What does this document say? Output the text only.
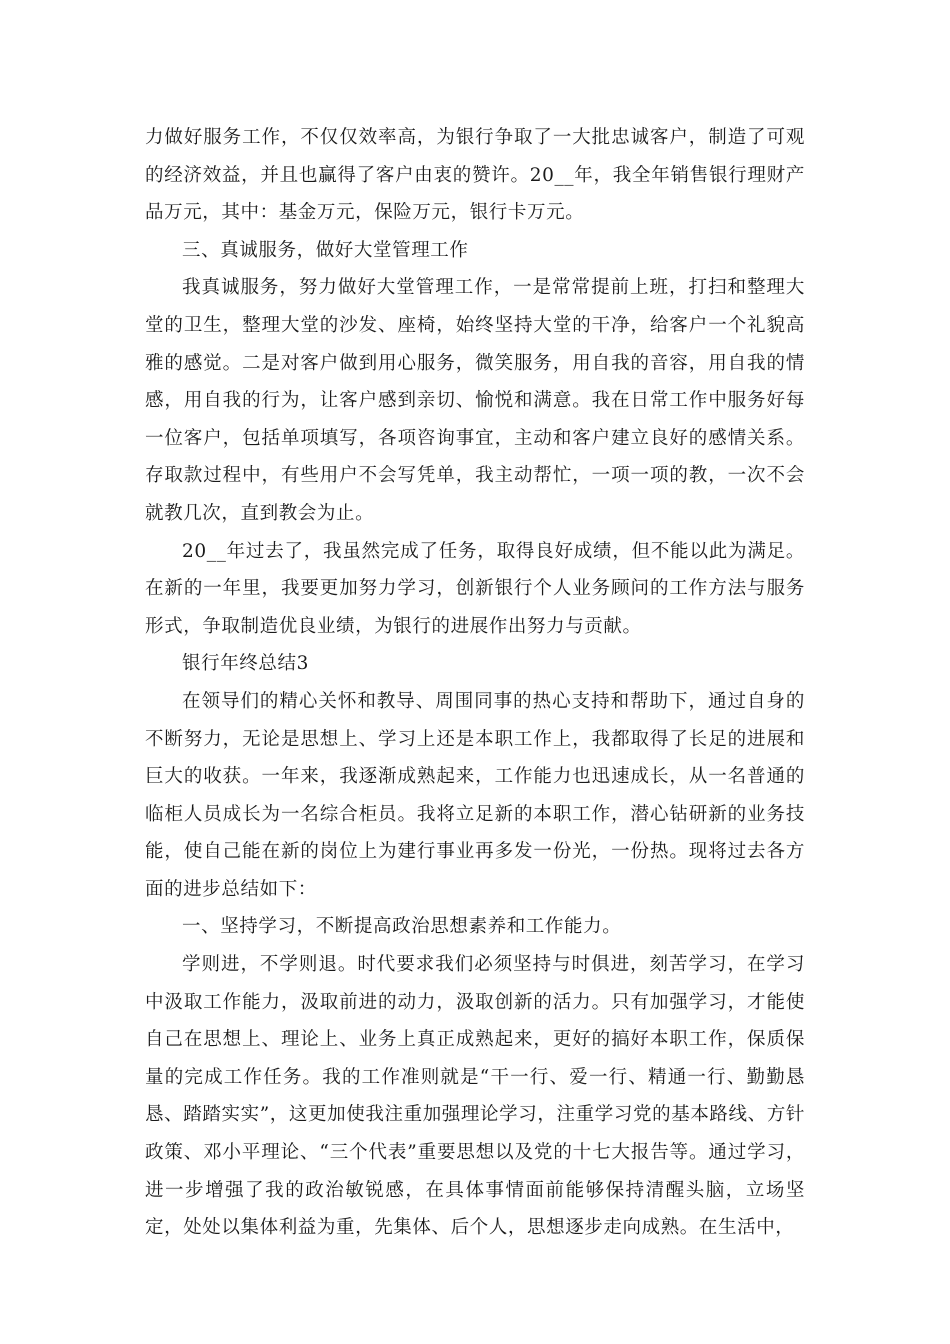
力做好服务工作，不仅仅效率高，为银行争取了一大批忠诚客户，制造了可观的经济效益，并且也赢得了客户由衷的赞许。20__年，我全年销售银行理财产品万元，其中：基金万元，保险万元，银行卡万元。

三、真诚服务，做好大堂管理工作

我真诚服务，努力做好大堂管理工作，一是常常提前上班，打扫和整理大堂的卫生，整理大堂的沙发、座椅，始终坚持大堂的干净，给客户一个礼貌高雅的感觉。二是对客户做到用心服务，微笑服务，用自我的音容，用自我的情感，用自我的行为，让客户感到亲切、愉悦和满意。我在日常工作中服务好每一位客户，包括单项填写，各项咨询事宜，主动和客户建立良好的感情关系。存取款过程中，有些用户不会写凭单，我主动帮忙，一项一项的教，一次不会就教几次，直到教会为止。

20__年过去了，我虽然完成了任务，取得良好成绩，但不能以此为满足。在新的一年里，我要更加努力学习，创新银行个人业务顾问的工作方法与服务形式，争取制造优良业绩，为银行的进展作出努力与贡献。

银行年终总结3

在领导们的精心关怀和教导、周围同事的热心支持和帮助下，通过自身的不断努力，无论是思想上、学习上还是本职工作上，我都取得了长足的进展和巨大的收获。一年来，我逐渐成熟起来，工作能力也迅速成长，从一名普通的临柜人员成长为一名综合柜员。我将立足新的本职工作，潜心钻研新的业务技能，使自己能在新的岗位上为建行事业再多发一份光，一份热。现将过去各方面的进步总结如下：

一、坚持学习，不断提高政治思想素养和工作能力。

学则进，不学则退。时代要求我们必须坚持与时俱进，刻苦学习，在学习中汲取工作能力，汲取前进的动力，汲取创新的活力。只有加强学习，才能使自己在思想上、理论上、业务上真正成熟起来，更好的搞好本职工作，保质保量的完成工作任务。我的工作准则就是“干一行、爱一行、精通一行、勤勤恳恳、踏踏实实”，这更加使我注重加强理论学习，注重学习党的基本路线、方针政策、邓小平理论、“三个代表”重要思想以及党的十七大报告等。通过学习，进一步增强了我的政治敏锐感，在具体事情面前能够保持清醒头脑，立场坚定，处处以集体利益为重，先集体、后个人，思想逐步走向成熟。在生活中，
